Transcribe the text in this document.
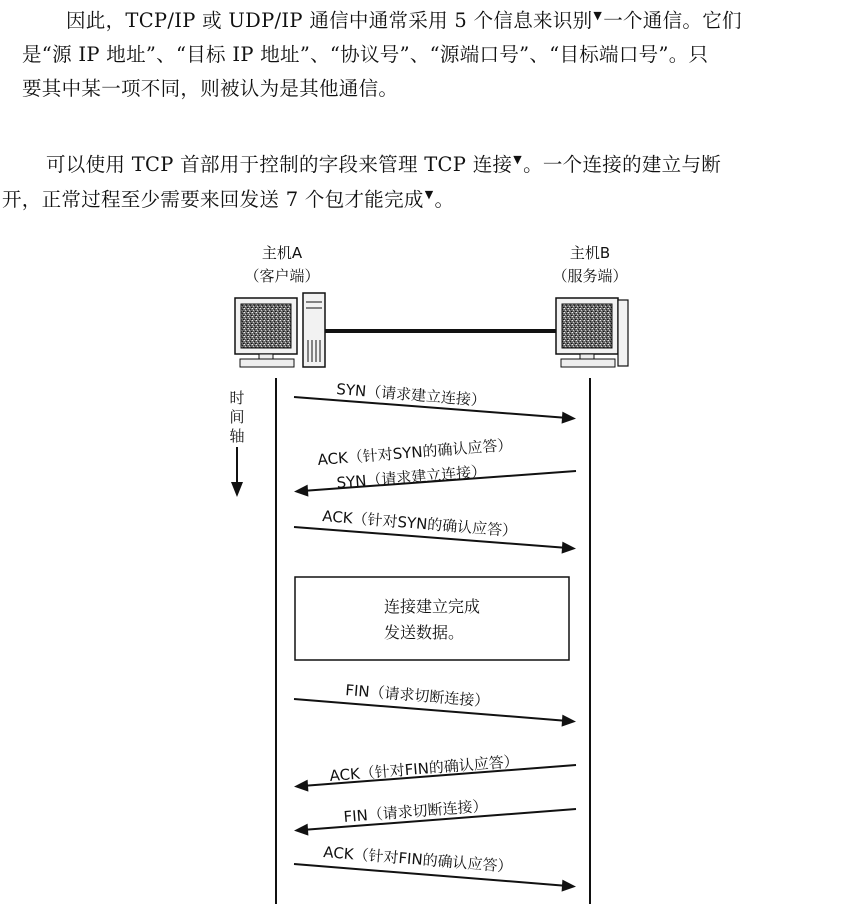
因此，TCP/IP 或 UDP/IP 通信中通常采用 5 个信息来识别▼一个通信。它们
是“源 IP 地址”、“目标 IP 地址”、“协议号”、“源端口号”、“目标端口号”。只
要其中某一项不同，则被认为是其他通信。
可以使用 TCP 首部用于控制的字段来管理 TCP 连接▼。一个连接的建立与断
开，正常过程至少需要来回发送 7 个包才能完成▼。
主机A
（客户端）
主机B
（服务端）
时
间
轴
SYN（请求建立连接）
ACK（针对SYN的确认应答）
SYN（请求建立连接）
ACK（针对SYN的确认应答）
连接建立完成
发送数据。
FIN（请求切断连接）
ACK（针对FIN的确认应答）
FIN（请求切断连接）
ACK（针对FIN的确认应答）
